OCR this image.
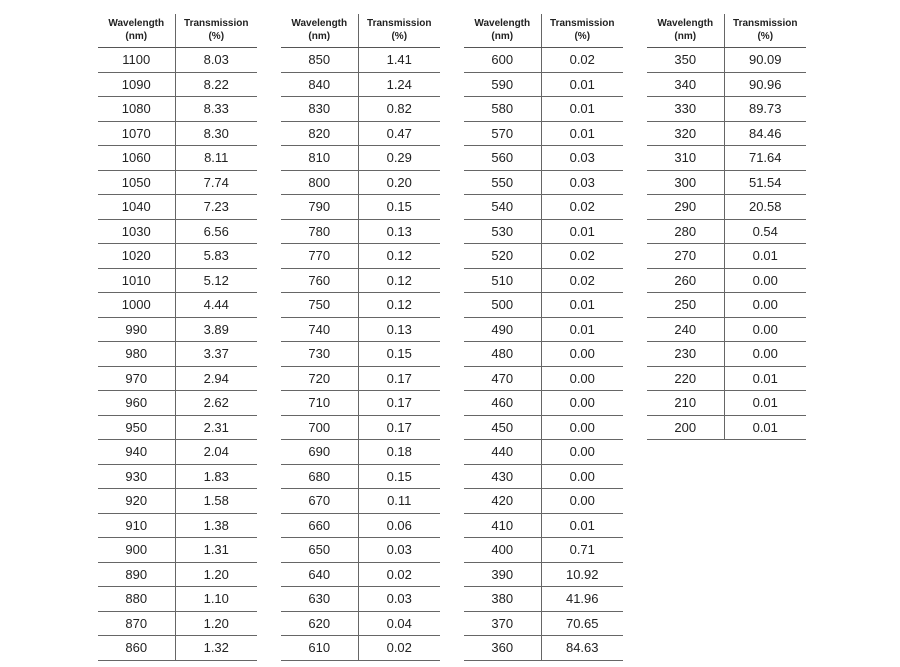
Wavelength
(nm)	Transmission
(%)
1100	8.03
1090	8.22
1080	8.33
1070	8.30
1060	8.11
1050	7.74
1040	7.23
1030	6.56
1020	5.83
1010	5.12
1000	4.44
990	3.89
980	3.37
970	2.94
960	2.62
950	2.31
940	2.04
930	1.83
920	1.58
910	1.38
900	1.31
890	1.20
880	1.10
870	1.20
860	1.32
Wavelength
(nm)	Transmission
(%)
850	1.41
840	1.24
830	0.82
820	0.47
810	0.29
800	0.20
790	0.15
780	0.13
770	0.12
760	0.12
750	0.12
740	0.13
730	0.15
720	0.17
710	0.17
700	0.17
690	0.18
680	0.15
670	0.11
660	0.06
650	0.03
640	0.02
630	0.03
620	0.04
610	0.02
Wavelength
(nm)	Transmission
(%)
600	0.02
590	0.01
580	0.01
570	0.01
560	0.03
550	0.03
540	0.02
530	0.01
520	0.02
510	0.02
500	0.01
490	0.01
480	0.00
470	0.00
460	0.00
450	0.00
440	0.00
430	0.00
420	0.00
410	0.01
400	0.71
390	10.92
380	41.96
370	70.65
360	84.63
Wavelength
(nm)	Transmission
(%)
350	90.09
340	90.96
330	89.73
320	84.46
310	71.64
300	51.54
290	20.58
280	0.54
270	0.01
260	0.00
250	0.00
240	0.00
230	0.00
220	0.01
210	0.01
200	0.01
